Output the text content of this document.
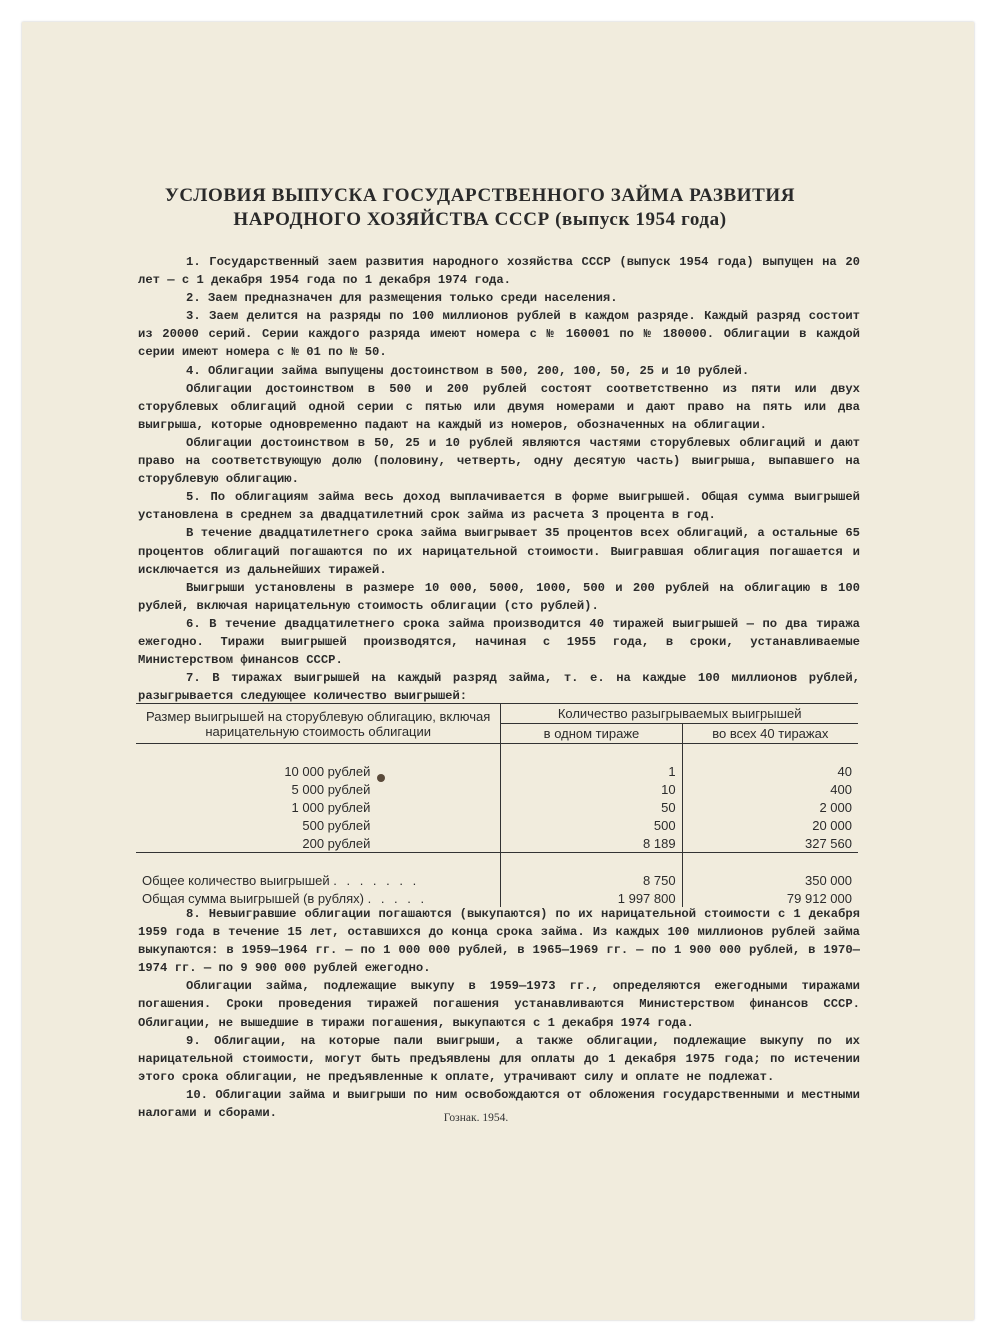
УСЛОВИЯ ВЫПУСКА ГОСУДАРСТВЕННОГО ЗАЙМА РАЗВИТИЯ
НАРОДНОГО ХОЗЯЙСТВА СССР (выпуск 1954 года)

1. Государственный заем развития народного хозяйства СССР (выпуск 1954 года) выпущен на 20 лет — с 1 декабря 1954 года по 1 декабря 1974 года.

2. Заем предназначен для размещения только среди населения.

3. Заем делится на разряды по 100 миллионов рублей в каждом разряде. Каждый разряд состоит из 20000 серий. Серии каждого разряда имеют номера с № 160001 по № 180000. Облигации в каждой серии имеют номера с № 01 по № 50.

4. Облигации займа выпущены достоинством в 500, 200, 100, 50, 25 и 10 рублей.

Облигации достоинством в 500 и 200 рублей состоят соответственно из пяти или двух сторублевых облигаций одной серии с пятью или двумя номерами и дают право на пять или два выигрыша, которые одновременно падают на каждый из номеров, обозначенных на облигации.

Облигации достоинством в 50, 25 и 10 рублей являются частями сторублевых облигаций и дают право на соответствующую долю (половину, четверть, одну десятую часть) выигрыша, выпавшего на сторублевую облигацию.

5. По облигациям займа весь доход выплачивается в форме выигрышей. Общая сумма выигрышей установлена в среднем за двадцатилетний срок займа из расчета 3 процента в год.

В течение двадцатилетнего срока займа выигрывает 35 процентов всех облигаций, а остальные 65 процентов облигаций погашаются по их нарицательной стоимости. Выигравшая облигация погашается и исключается из дальнейших тиражей.

Выигрыши установлены в размере 10 000, 5000, 1000, 500 и 200 рублей на облигацию в 100 рублей, включая нарицательную стоимость облигации (сто рублей).

6. В течение двадцатилетнего срока займа производится 40 тиражей выигрышей — по два тиража ежегодно. Тиражи выигрышей производятся, начиная с 1955 года, в сроки, устанавливаемые Министерством финансов СССР.

7. В тиражах выигрышей на каждый разряд займа, т. е. на каждые 100 миллионов рублей, разыгрывается следующее количество выигрышей:

Размер выигрышей на сторублевую облигацию, включая нарицательную стоимость облигации	Количество разыгрываемых выигрышей	
	в одном тираже	во всех 40 тиражах

10 000 рублей	1	40
5 000 рублей	10	400
1 000 рублей	50	2 000
500 рублей	500	20 000
200 рублей	8 189	327 560

Общее количество выигрышей . . . . . . .	8 750	350 000
Общая сумма выигрышей (в рублях) . . . . .	1 997 800	79 912 000

8. Невыигравшие облигации погашаются (выкупаются) по их нарицательной стоимости с 1 декабря 1959 года в течение 15 лет, оставшихся до конца срока займа. Из каждых 100 миллионов рублей займа выкупаются: в 1959—1964 гг. — по 1 000 000 рублей, в 1965—1969 гг. — по 1 900 000 рублей, в 1970—1974 гг. — по 9 900 000 рублей ежегодно.

Облигации займа, подлежащие выкупу в 1959—1973 гг., определяются ежегодными тиражами погашения. Сроки проведения тиражей погашения устанавливаются Министерством финансов СССР. Облигации, не вышедшие в тиражи погашения, выкупаются с 1 декабря 1974 года.

9. Облигации, на которые пали выигрыши, а также облигации, подлежащие выкупу по их нарицательной стоимости, могут быть предъявлены для оплаты до 1 декабря 1975 года; по истечении этого срока облигации, не предъявленные к оплате, утрачивают силу и оплате не подлежат.

10. Облигации займа и выигрыши по ним освобождаются от обложения государственными и местными налогами и сборами.	Гознак. 1954.
